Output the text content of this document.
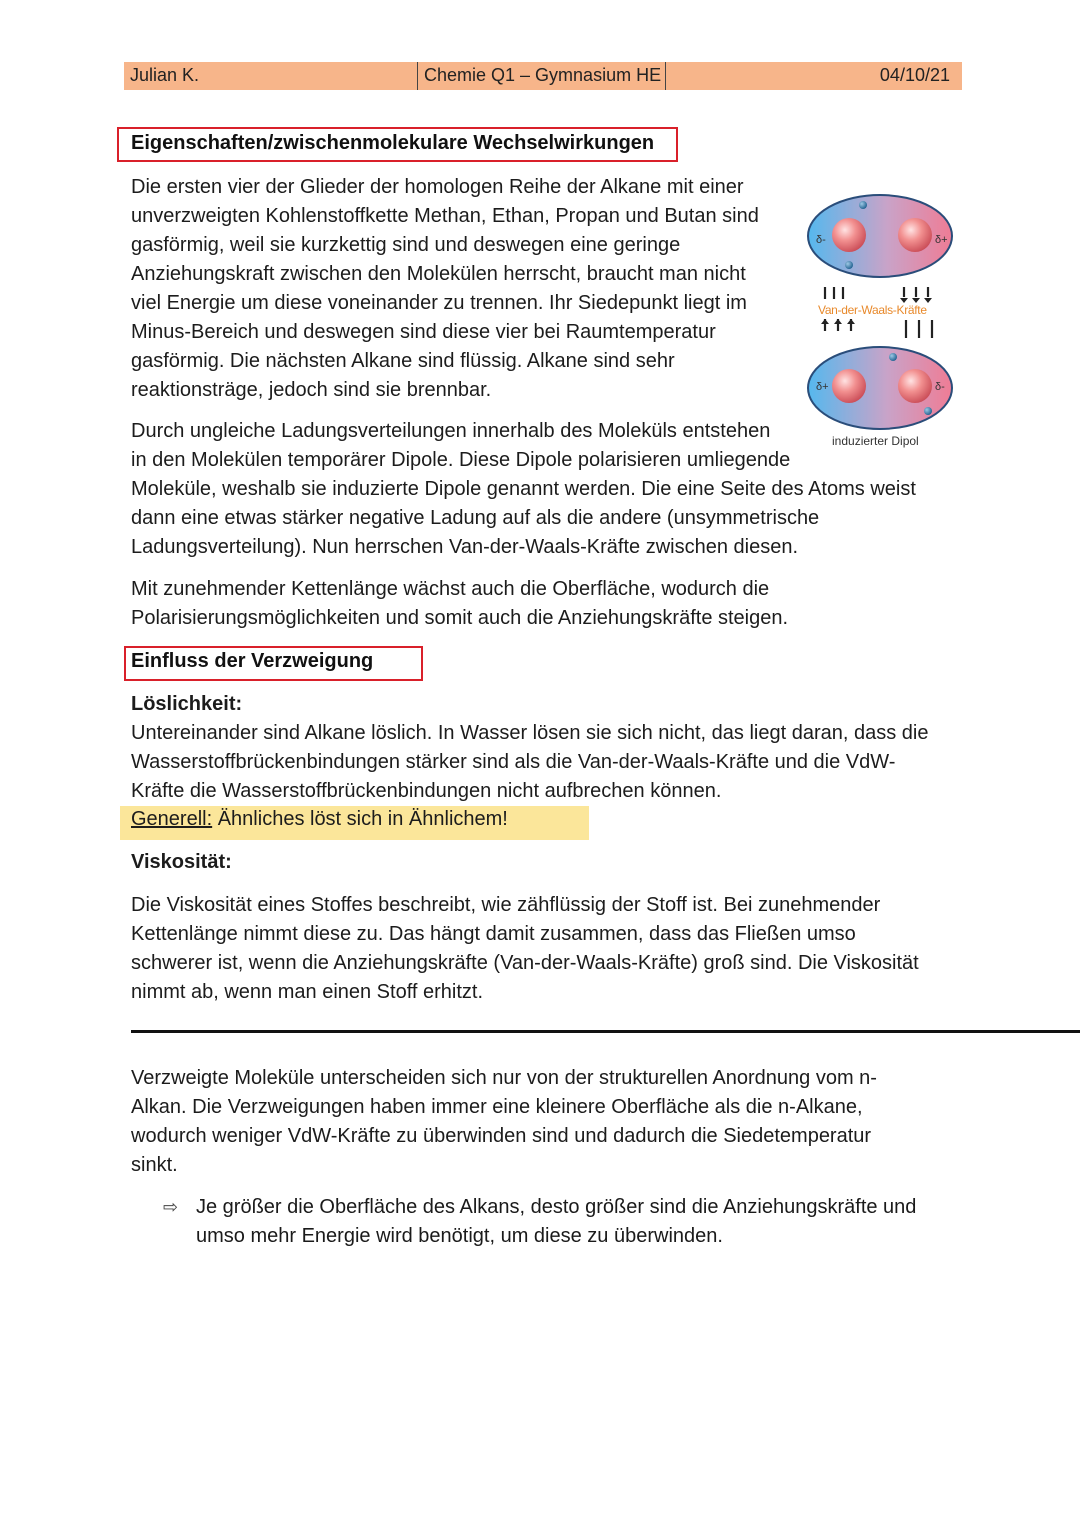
Julian K.	Chemie Q1 – Gymnasium HE	04/10/21
Eigenschaften/zwischenmolekulare Wechselwirkungen
Die ersten vier der Glieder der homologen Reihe der Alkane mit einer
unverzweigten Kohlenstoffkette Methan, Ethan, Propan und Butan sind
gasförmig, weil sie kurzkettig sind und deswegen eine geringe
Anziehungskraft zwischen den Molekülen herrscht, braucht man nicht
viel Energie um diese voneinander zu trennen. Ihr Siedepunkt liegt im
Minus-Bereich und deswegen sind diese vier bei Raumtemperatur
gasförmig. Die nächsten Alkane sind flüssig. Alkane sind sehr
reaktionsträge, jedoch sind sie brennbar.
Durch ungleiche Ladungsverteilungen innerhalb des Moleküls entstehen
in den Molekülen temporärer Dipole. Diese Dipole polarisieren umliegende
Moleküle, weshalb sie induzierte Dipole genannt werden. Die eine Seite des Atoms weist
dann eine etwas stärker negative Ladung auf als die andere (unsymmetrische
Ladungsverteilung). Nun herrschen Van-der-Waals-Kräfte zwischen diesen.
Mit zunehmender Kettenlänge wächst auch die Oberfläche, wodurch die
Polarisierungsmöglichkeiten und somit auch die Anziehungskräfte steigen.
δ-	δ+
δ+	δ-
Van-der-Waals-Kräfte
induzierter Dipol
Einfluss der Verzweigung
Löslichkeit:
Untereinander sind Alkane löslich. In Wasser lösen sie sich nicht, das liegt daran, dass die
Wasserstoffbrückenbindungen stärker sind als die Van-der-Waals-Kräfte und die VdW-
Kräfte die Wasserstoffbrückenbindungen nicht aufbrechen können.
Generell: Ähnliches löst sich in Ähnlichem!
Viskosität:
Die Viskosität eines Stoffes beschreibt, wie zähflüssig der Stoff ist. Bei zunehmender
Kettenlänge nimmt diese zu. Das hängt damit zusammen, dass das Fließen umso
schwerer ist, wenn die Anziehungskräfte (Van-der-Waals-Kräfte) groß sind. Die Viskosität
nimmt ab, wenn man einen Stoff erhitzt.
Verzweigte Moleküle unterscheiden sich nur von der strukturellen Anordnung vom n-
Alkan. Die Verzweigungen haben immer eine kleinere Oberfläche als die n-Alkane,
wodurch weniger VdW-Kräfte zu überwinden sind und dadurch die Siedetemperatur
sinkt.
⇨ Je größer die Oberfläche des Alkans, desto größer sind die Anziehungskräfte und
umso mehr Energie wird benötigt, um diese zu überwinden.
